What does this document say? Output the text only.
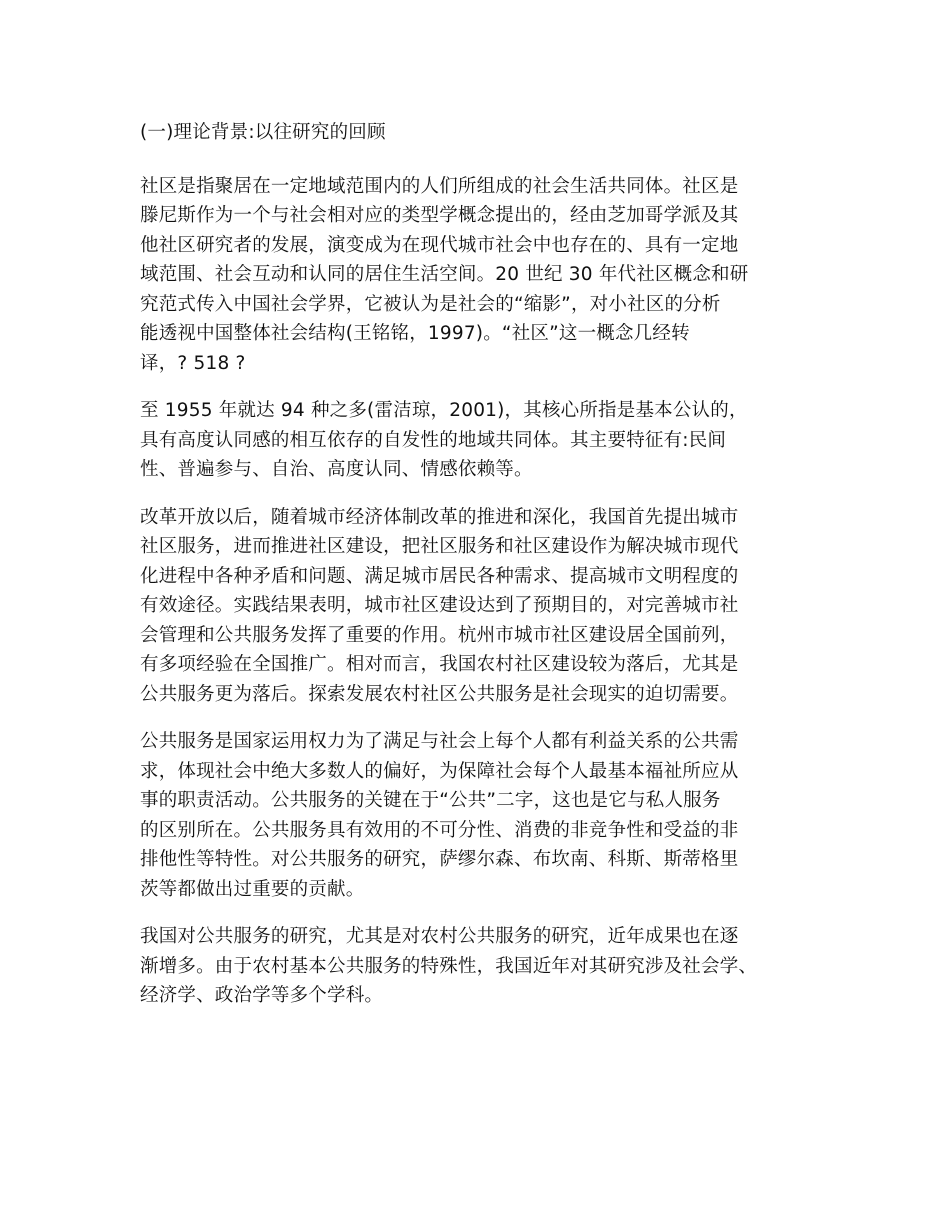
(一)理论背景:以往研究的回顾
社区是指聚居在一定地域范围内的人们所组成的社会生活共同体。社区是
滕尼斯作为一个与社会相对应的类型学概念提出的，经由芝加哥学派及其
他社区研究者的发展，演变成为在现代城市社会中也存在的、具有一定地
域范围、社会互动和认同的居住生活空间。20 世纪 30 年代社区概念和研
究范式传入中国社会学界，它被认为是社会的“缩影”，对小社区的分析
能透视中国整体社会结构(王铭铭，1997)。“社区”这一概念几经转
译，? 518 ?
至 1955 年就达 94 种之多(雷洁琼，2001)，其核心所指是基本公认的，
具有高度认同感的相互依存的自发性的地域共同体。其主要特征有:民间
性、普遍参与、自治、高度认同、情感依赖等。
改革开放以后，随着城市经济体制改革的推进和深化，我国首先提出城市
社区服务，进而推进社区建设，把社区服务和社区建设作为解决城市现代
化进程中各种矛盾和问题、满足城市居民各种需求、提高城市文明程度的
有效途径。实践结果表明，城市社区建设达到了预期目的，对完善城市社
会管理和公共服务发挥了重要的作用。杭州市城市社区建设居全国前列，
有多项经验在全国推广。相对而言，我国农村社区建设较为落后，尤其是
公共服务更为落后。探索发展农村社区公共服务是社会现实的迫切需要。
公共服务是国家运用权力为了满足与社会上每个人都有利益关系的公共需
求，体现社会中绝大多数人的偏好，为保障社会每个人最基本福祉所应从
事的职责活动。公共服务的关键在于“公共”二字，这也是它与私人服务
的区别所在。公共服务具有效用的不可分性、消费的非竞争性和受益的非
排他性等特性。对公共服务的研究，萨缪尔森、布坎南、科斯、斯蒂格里
茨等都做出过重要的贡献。
我国对公共服务的研究，尤其是对农村公共服务的研究，近年成果也在逐
渐增多。由于农村基本公共服务的特殊性，我国近年对其研究涉及社会学、
经济学、政治学等多个学科。
